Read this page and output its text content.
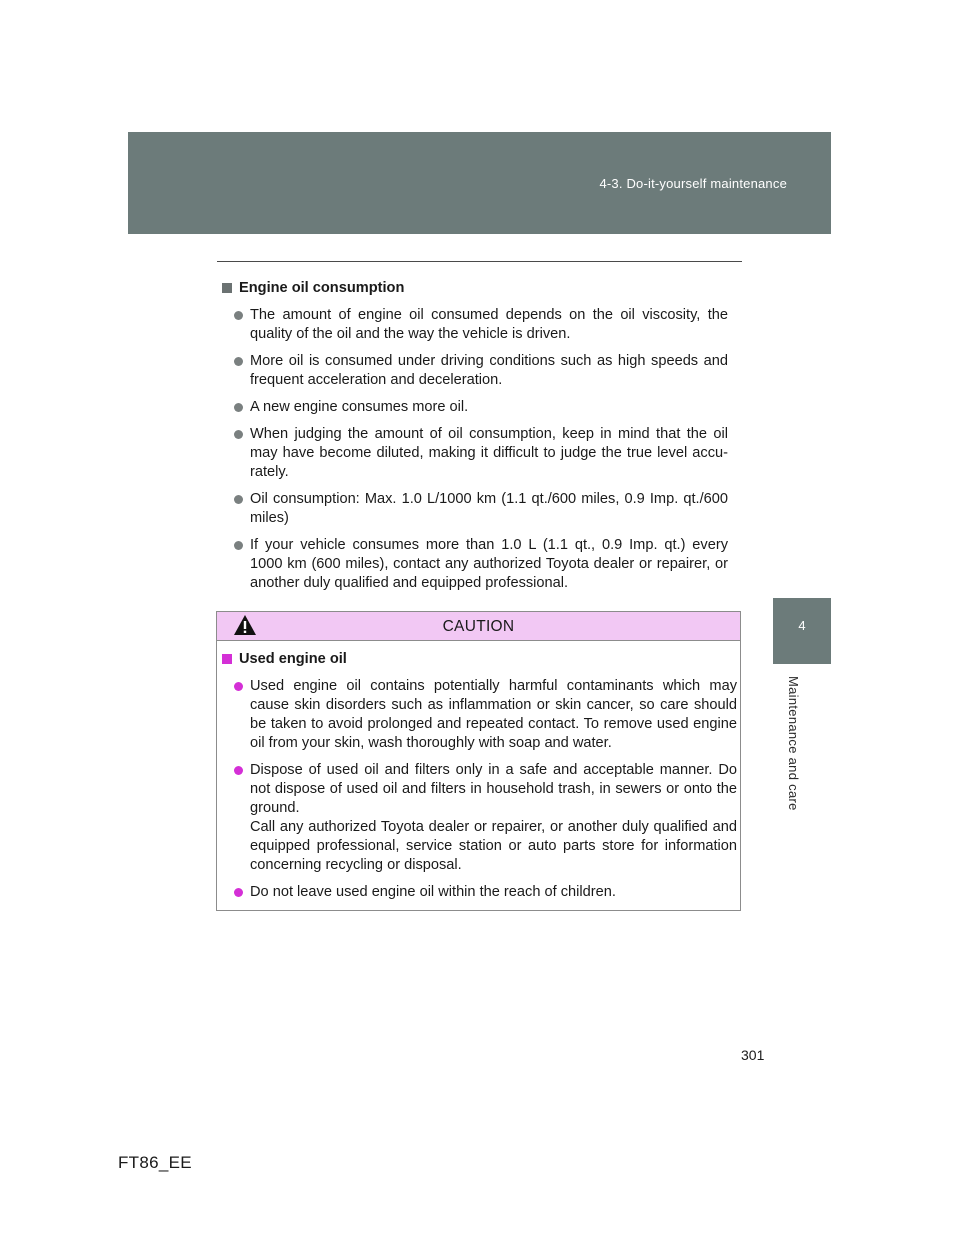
4-3. Do-it-yourself maintenance
4
Maintenance and care
Engine oil consumption
The amount of engine oil consumed depends on the oil viscosity, the quality of the oil and the way the vehicle is driven.
More oil is consumed under driving conditions such as high speeds and frequent acceleration and deceleration.
A new engine consumes more oil.
When judging the amount of oil consumption, keep in mind that the oil may have become diluted, making it difficult to judge the true level accu-rately.
Oil consumption: Max. 1.0 L/1000 km (1.1 qt./600 miles, 0.9 Imp. qt./600 miles)
If your vehicle consumes more than 1.0 L (1.1 qt., 0.9 Imp. qt.) every 1000 km (600 miles), contact any authorized Toyota dealer or repairer, or another duly qualified and equipped professional.
CAUTION
Used engine oil
Used engine oil contains potentially harmful contaminants which may cause skin disorders such as inflammation or skin cancer, so care should be taken to avoid prolonged and repeated contact. To remove used engine oil from your skin, wash thoroughly with soap and water.
Dispose of used oil and filters only in a safe and acceptable manner. Do not dispose of used oil and filters in household trash, in sewers or onto the ground.
Call any authorized Toyota dealer or repairer, or another duly qualified and equipped professional, service station or auto parts store for information concerning recycling or disposal.
Do not leave used engine oil within the reach of children.
301
FT86_EE
